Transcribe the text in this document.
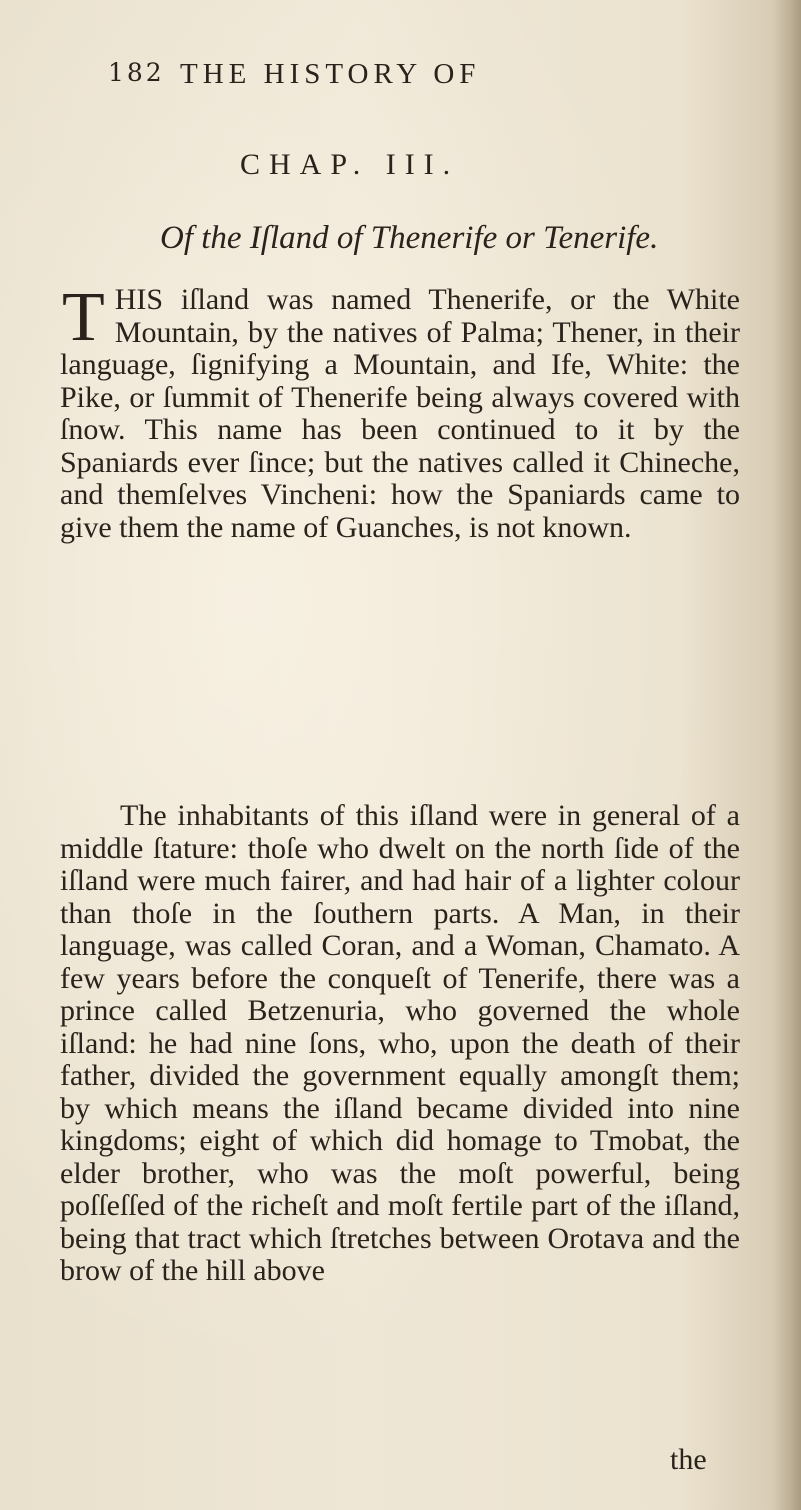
182 THE HISTORY OF
CHAP. III.
Of the Iſland of Thenerife or Tenerife.
T HIS iſland was named Thenerife, or the White Mountain, by the natives of Palma; Thener, in their language, ſignifying a Mountain, and Ife, White: the Pike, or ſummit of Thenerife being always covered with ſnow. This name has been continued to it by the Spaniards ever ſince; but the natives called it Chineche, and themſelves Vincheni: how the Spaniards came to give them the name of Guanches, is not known.
The inhabitants of this iſland were in general of a middle ſtature: thoſe who dwelt on the north ſide of the iſland were much fairer, and had hair of a lighter colour than thoſe in the ſouthern parts. A Man, in their language, was called Coran, and a Woman, Chamato. A few years before the conqueſt of Tenerife, there was a prince called Betzenuria, who governed the whole iſland: he had nine ſons, who, upon the death of their father, divided the government equally amongſt them; by which means the iſland became divided into nine kingdoms; eight of which did homage to Tmobat, the elder brother, who was the moſt powerful, being poſſeſſed of the richeſt and moſt fertile part of the iſland, being that tract which ſtretches between Orotava and the brow of the hill above
the
